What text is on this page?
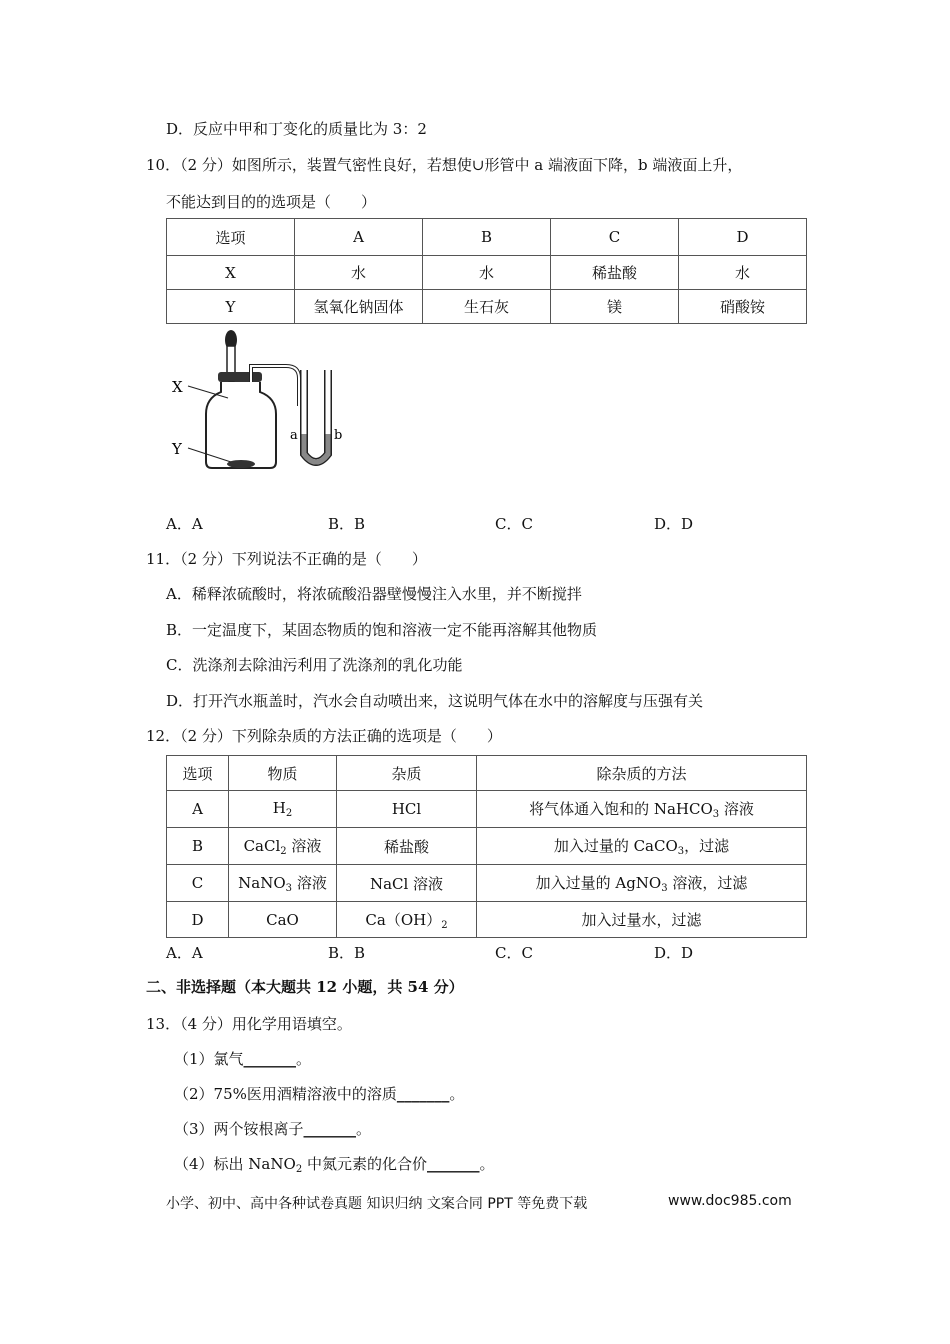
D．反应中甲和丁变化的质量比为 3：2
10．（2 分）如图所示，装置气密性良好，若想使∪形管中 a 端液面下降，b 端液面上升，
不能达到目的的选项是（　　）
选项	A	B	C	D
X	水	水	稀盐酸	水
Y	氢氧化钠固体	生石灰	镁	硝酸铵
X
Y
a	b
A．A	B．B	C．C	D．D
11．（2 分）下列说法不正确的是（　　）
A．稀释浓硫酸时，将浓硫酸沿器壁慢慢注入水里，并不断搅拌
B．一定温度下，某固态物质的饱和溶液一定不能再溶解其他物质
C．洗涤剂去除油污利用了洗涤剂的乳化功能
D．打开汽水瓶盖时，汽水会自动喷出来，这说明气体在水中的溶解度与压强有关
12．（2 分）下列除杂质的方法正确的选项是（　　）
选项	物质	杂质	除杂质的方法
A	$H_2$	HCl	将气体通入饱和的 NaHCO$_3$ 溶液
B	CaCl$_2$ 溶液	稀盐酸	加入过量的 CaCO$_3$，过滤
C	NaNO$_3$ 溶液	NaCl 溶液	加入过量的 AgNO$_3$ 溶液，过滤
D	CaO	$Ca(OH)_2$	加入过量水，过滤
A．A	B．B	C．C	D．D
二、非选择题（本大题共 12 小题，共 54 分）
13．（4 分）用化学用语填空。
（1）氯气_______。
（2）75%医用酒精溶液中的溶质_______。
（3）两个铵根离子_______。
（4）标出 NaNO$_2$ 中氮元素的化合价_______。
小学、初中、高中各种试卷真题 知识归纳 文案合同 PPT 等免费下载	www.doc985.com
